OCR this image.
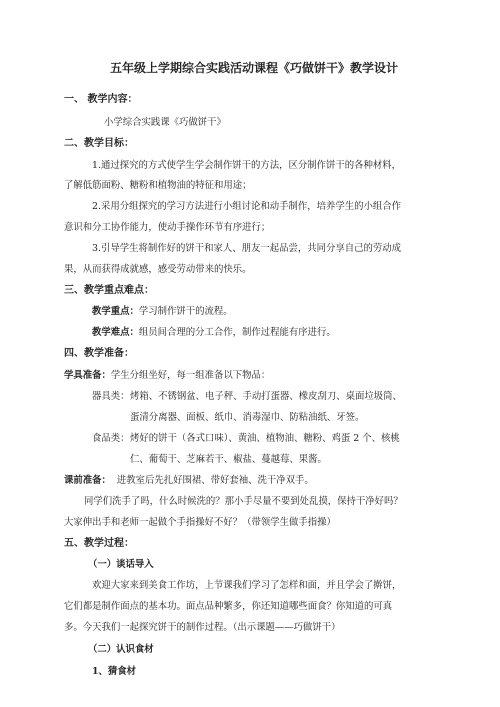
五年级上学期综合实践活动课程《巧做饼干》教学设计
一、 教学内容：
小学综合实践课《巧做饼干》
二、教学目标：
1.通过探究的方式使学生学会制作饼干的方法，区分制作饼干的各种材料，
了解低筋面粉、糖粉和植物油的特征和用途；
2.采用分组探究的学习方法进行小组讨论和动手制作，培养学生的小组合作
意识和分工协作能力，使动手操作环节有序进行；
3.引导学生将制作好的饼干和家人、朋友一起品尝，共同分享自己的劳动成
果，从而获得成就感，感受劳动带来的快乐。
三、教学重点难点：
教学重点：学习制作饼干的流程。
教学难点：组员间合理的分工合作，制作过程能有序进行。
四、教学准备：
学具准备：学生分组坐好，每一组准备以下物品：
器具类： 烤箱、不锈钢盆、电子秤、手动打蛋器、橡皮刮刀、桌面垃圾筒、
蛋清分离器、面板、纸巾、消毒湿巾、防粘油纸、牙签。
食品类： 烤好的饼干（各式口味）、黄油、植物油、糖粉、鸡蛋 2 个、核桃
仁、葡萄干、芝麻若干、椒盐、蔓越莓、果酱。
课前准备： 进教室后先扎好围裙、带好套袖、洗干净双手。
同学们洗手了吗，什么时候洗的？那小手尽量不要到处乱摸，保持干净好吗？
大家伸出手和老师一起做个手指操好不好？（带领学生做手指操）
五、教学过程：
（一）谈话导入
欢迎大家来到美食工作坊，上节课我们学习了怎样和面，并且学会了擀饼，
它们都是制作面点的基本功。面点品种繁多，你还知道哪些面食？你知道的可真
多。今天我们一起探究饼干的制作过程。（出示课题——巧做饼干）
（二）认识食材
1、猜食材
